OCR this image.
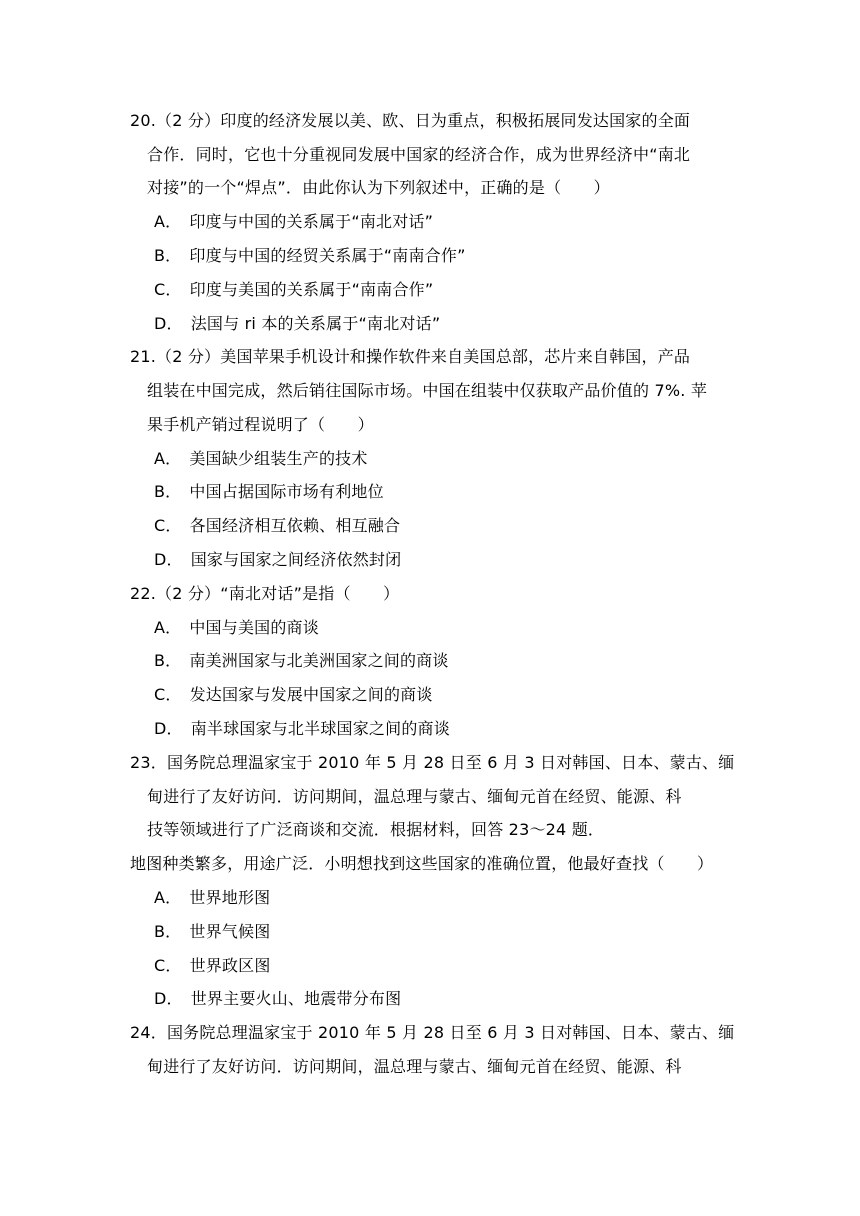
20.（2 分）印度的经济发展以美、欧、日为重点，积极拓展同发达国家的全面
合作．同时，它也十分重视同发展中国家的经济合作，成为世界经济中“南北
对接”的一个“焊点”．由此你认为下列叙述中，正确的是（　　）
A． 印度与中国的关系属于“南北对话”
B． 印度与中国的经贸关系属于“南南合作”
C． 印度与美国的关系属于“南南合作”
D． 法国与 ri 本的关系属于“南北对话”
21.（2 分）美国苹果手机设计和操作软件来自美国总部，芯片来自韩国，产品
组装在中国完成，然后销往国际市场。中国在组装中仅获取产品价值的 7%. 苹
果手机产销过程说明了（　　）
A． 美国缺少组装生产的技术
B． 中国占据国际市场有利地位
C． 各国经济相互依赖、相互融合
D． 国家与国家之间经济依然封闭
22.（2 分）“南北对话”是指（　　）
A． 中国与美国的商谈
B． 南美洲国家与北美洲国家之间的商谈
C． 发达国家与发展中国家之间的商谈
D． 南半球国家与北半球国家之间的商谈
23．国务院总理温家宝于 2010 年 5 月 28 日至 6 月 3 日对韩国、日本、蒙古、缅
甸进行了友好访问．访问期间，温总理与蒙古、缅甸元首在经贸、能源、科
技等领域进行了广泛商谈和交流．根据材料，回答 23～24 题．
地图种类繁多，用途广泛．小明想找到这些国家的准确位置，他最好查找（　　）
A． 世界地形图
B． 世界气候图
C． 世界政区图
D． 世界主要火山、地震带分布图
24．国务院总理温家宝于 2010 年 5 月 28 日至 6 月 3 日对韩国、日本、蒙古、缅
甸进行了友好访问．访问期间，温总理与蒙古、缅甸元首在经贸、能源、科
